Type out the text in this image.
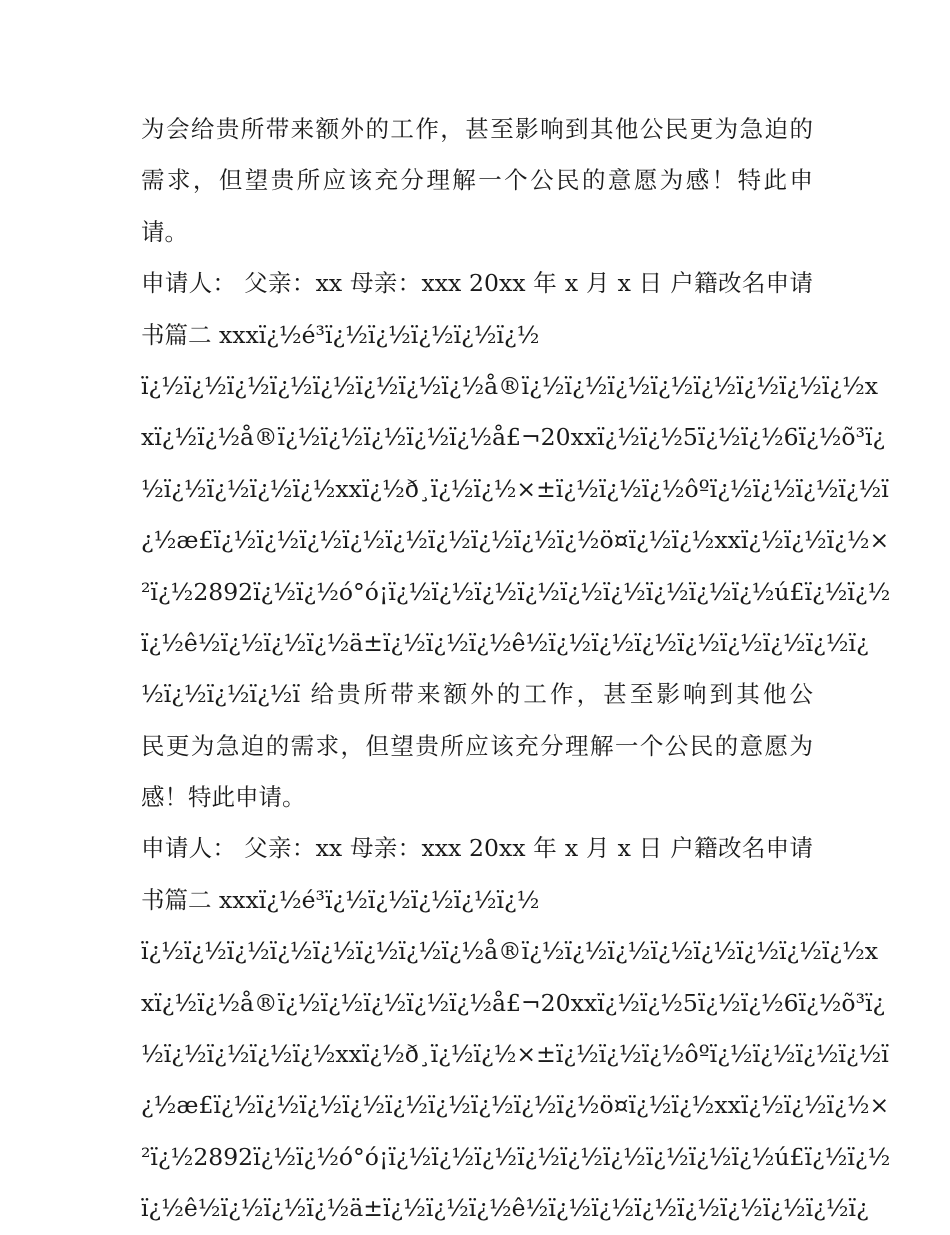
为会给贵所带来额外的工作，甚至影响到其他公民更为急迫的
需求，但望贵所应该充分理解一个公民的意愿为感！特此申
请。
申请人： 父亲：xx 母亲：xxx 20xx 年 x 月 x 日 户籍改名申请
书篇二 xxxï¿½é³ï¿½ï¿½ï¿½ï¿½ï¿½
ï¿½ï¿½ï¿½ï¿½ï¿½ï¿½ï¿½ï¿½å®ï¿½ï¿½ï¿½ï¿½ï¿½ï¿½ï¿½ï¿½x
xï¿½ï¿½å®ï¿½ï¿½ï¿½ï¿½ï¿½å£¬20xxï¿½ï¿½5ï¿½ï¿½6ï¿½õ³ï¿
½ï¿½ï¿½ï¿½ï¿½xxï¿½ð¸ï¿½ï¿½×±ï¿½ï¿½ï¿½ôºï¿½ï¿½ï¿½ï¿½ï
¿½æ£ï¿½ï¿½ï¿½ï¿½ï¿½ï¿½ï¿½ï¿½ï¿½ö¤ï¿½ï¿½xxï¿½ï¿½ï¿½×
²ï¿½2892ï¿½ï¿½ó°ó¡ï¿½ï¿½ï¿½ï¿½ï¿½ï¿½ï¿½ï¿½ï¿½ú£ï¿½ï¿½
ï¿½ê½ï¿½ï¿½ï¿½ä±ï¿½ï¿½ï¿½ê½ï¿½ï¿½ï¿½ï¿½ï¿½ï¿½ï¿½ï¿
½ï¿½ï¿½ï¿½ï 给贵所带来额外的工作，甚至影响到其他公
民更为急迫的需求，但望贵所应该充分理解一个公民的意愿为
感！特此申请。
申请人： 父亲：xx 母亲：xxx 20xx 年 x 月 x 日 户籍改名申请
书篇二 xxxï¿½é³ï¿½ï¿½ï¿½ï¿½ï¿½
ï¿½ï¿½ï¿½ï¿½ï¿½ï¿½ï¿½ï¿½å®ï¿½ï¿½ï¿½ï¿½ï¿½ï¿½ï¿½ï¿½x
xï¿½ï¿½å®ï¿½ï¿½ï¿½ï¿½ï¿½å£¬20xxï¿½ï¿½5ï¿½ï¿½6ï¿½õ³ï¿
½ï¿½ï¿½ï¿½ï¿½xxï¿½ð¸ï¿½ï¿½×±ï¿½ï¿½ï¿½ôºï¿½ï¿½ï¿½ï¿½ï
¿½æ£ï¿½ï¿½ï¿½ï¿½ï¿½ï¿½ï¿½ï¿½ï¿½ö¤ï¿½ï¿½xxï¿½ï¿½ï¿½×
²ï¿½2892ï¿½ï¿½ó°ó¡ï¿½ï¿½ï¿½ï¿½ï¿½ï¿½ï¿½ï¿½ï¿½ú£ï¿½ï¿½
ï¿½ê½ï¿½ï¿½ï¿½ä±ï¿½ï¿½ï¿½ê½ï¿½ï¿½ï¿½ï¿½ï¿½ï¿½ï¿½ï¿
